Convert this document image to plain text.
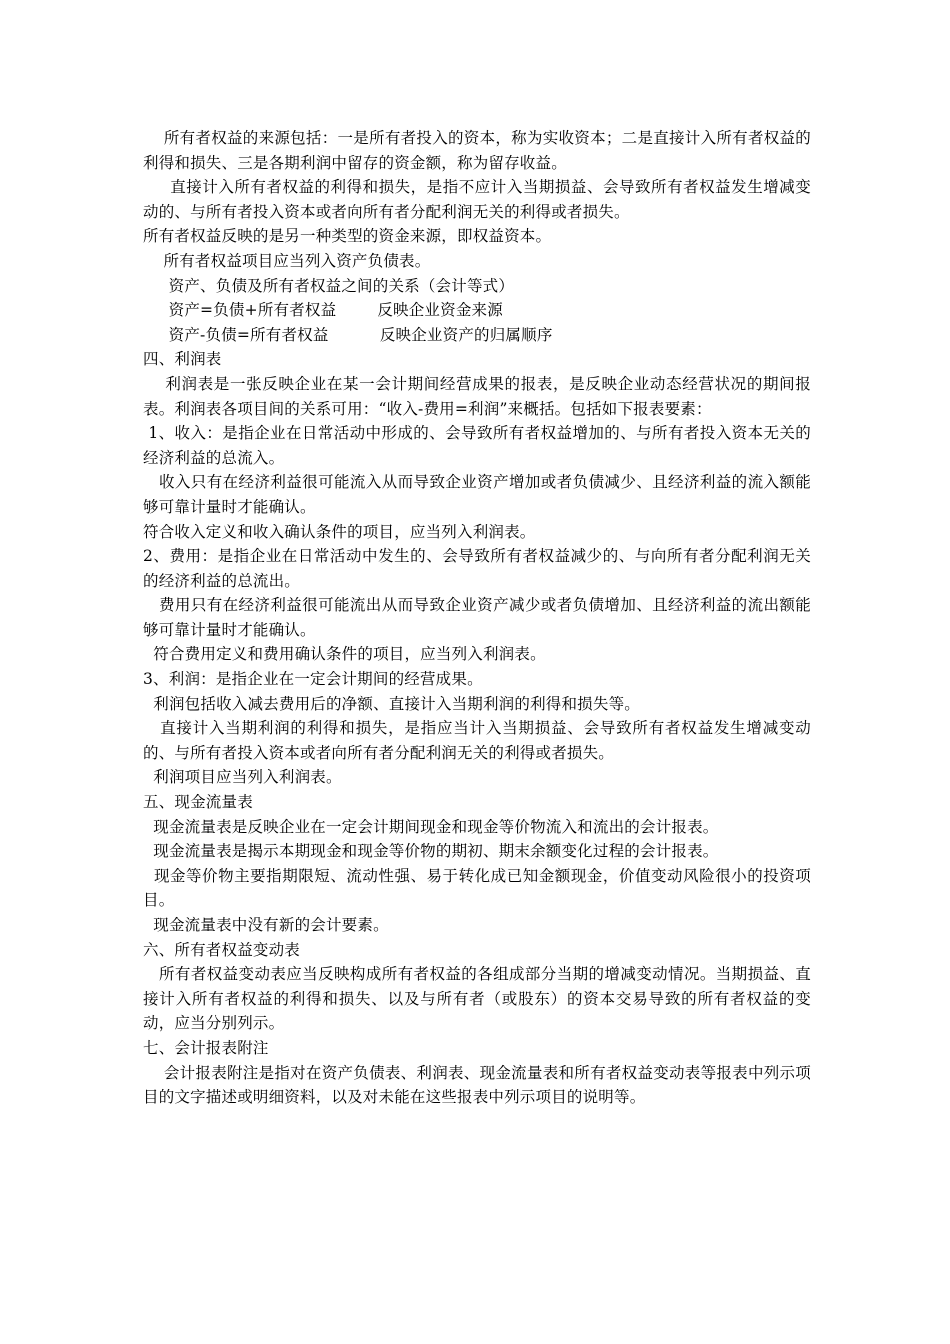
所有者权益的来源包括：一是所有者投入的资本，称为实收资本；二是直接计入所有者权益的利得和损失、三是各期利润中留存的资金额，称为留存收益。

直接计入所有者权益的利得和损失，是指不应计入当期损益、会导致所有者权益发生增减变动的、与所有者投入资本或者向所有者分配利润无关的利得或者损失。

所有者权益反映的是另一种类型的资金来源，即权益资本。

所有者权益项目应当列入资产负债表。

资产、负债及所有者权益之间的关系（会计等式）

资产=负债+所有者权益        反映企业资金来源

资产-负债=所有者权益          反映企业资产的归属顺序

四、利润表

利润表是一张反映企业在某一会计期间经营成果的报表，是反映企业动态经营状况的期间报表。利润表各项目间的关系可用：“收入-费用=利润”来概括。包括如下报表要素：

1、收入：是指企业在日常活动中形成的、会导致所有者权益增加的、与所有者投入资本无关的经济利益的总流入。

收入只有在经济利益很可能流入从而导致企业资产增加或者负债减少、且经济利益的流入额能够可靠计量时才能确认。

符合收入定义和收入确认条件的项目，应当列入利润表。

2、费用：是指企业在日常活动中发生的、会导致所有者权益减少的、与向所有者分配利润无关的经济利益的总流出。

费用只有在经济利益很可能流出从而导致企业资产减少或者负债增加、且经济利益的流出额能够可靠计量时才能确认。

符合费用定义和费用确认条件的项目，应当列入利润表。

3、利润：是指企业在一定会计期间的经营成果。

利润包括收入减去费用后的净额、直接计入当期利润的利得和损失等。

直接计入当期利润的利得和损失，是指应当计入当期损益、会导致所有者权益发生增减变动的、与所有者投入资本或者向所有者分配利润无关的利得或者损失。

利润项目应当列入利润表。

五、现金流量表

现金流量表是反映企业在一定会计期间现金和现金等价物流入和流出的会计报表。

现金流量表是揭示本期现金和现金等价物的期初、期末余额变化过程的会计报表。

现金等价物主要指期限短、流动性强、易于转化成已知金额现金，价值变动风险很小的投资项目。

现金流量表中没有新的会计要素。

六、所有者权益变动表

所有者权益变动表应当反映构成所有者权益的各组成部分当期的增减变动情况。当期损益、直接计入所有者权益的利得和损失、以及与所有者（或股东）的资本交易导致的所有者权益的变动，应当分别列示。

七、会计报表附注

会计报表附注是指对在资产负债表、利润表、现金流量表和所有者权益变动表等报表中列示项目的文字描述或明细资料，以及对未能在这些报表中列示项目的说明等。
